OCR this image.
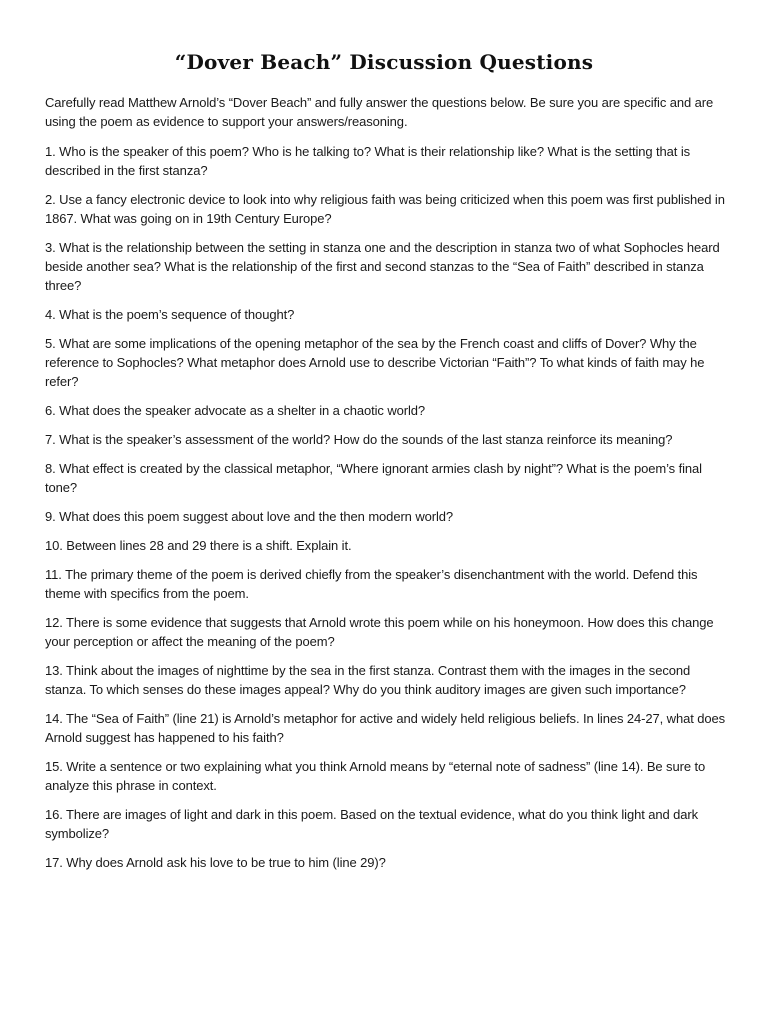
“Dover Beach” Discussion Questions

Carefully read Matthew Arnold’s “Dover Beach” and fully answer the questions below. Be sure you are specific and are using the poem as evidence to support your answers/reasoning.

1. Who is the speaker of this poem? Who is he talking to? What is their relationship like? What is the setting that is described in the first stanza?

2. Use a fancy electronic device to look into why religious faith was being criticized when this poem was first published in 1867. What was going on in 19th Century Europe?

3. What is the relationship between the setting in stanza one and the description in stanza two of what Sophocles heard beside another sea? What is the relationship of the first and second stanzas to the “Sea of Faith” described in stanza three?

4. What is the poem’s sequence of thought?

5. What are some implications of the opening metaphor of the sea by the French coast and cliffs of Dover? Why the reference to Sophocles? What metaphor does Arnold use to describe Victorian “Faith”? To what kinds of faith may he refer?

6. What does the speaker advocate as a shelter in a chaotic world?

7. What is the speaker’s assessment of the world? How do the sounds of the last stanza reinforce its meaning?

8. What effect is created by the classical metaphor, “Where ignorant armies clash by night”? What is the poem’s final tone?

9. What does this poem suggest about love and the then modern world?

10. Between lines 28 and 29 there is a shift. Explain it.

11. The primary theme of the poem is derived chiefly from the speaker’s disenchantment with the world. Defend this theme with specifics from the poem.

12. There is some evidence that suggests that Arnold wrote this poem while on his honeymoon. How does this change your perception or affect the meaning of the poem?

13. Think about the images of nighttime by the sea in the first stanza. Contrast them with the images in the second stanza. To which senses do these images appeal? Why do you think auditory images are given such importance?

14. The “Sea of Faith” (line 21) is Arnold’s metaphor for active and widely held religious beliefs. In lines 24-27, what does Arnold suggest has happened to his faith?

15. Write a sentence or two explaining what you think Arnold means by “eternal note of sadness” (line 14). Be sure to analyze this phrase in context.

16. There are images of light and dark in this poem. Based on the textual evidence, what do you think light and dark symbolize?

17. Why does Arnold ask his love to be true to him (line 29)?
